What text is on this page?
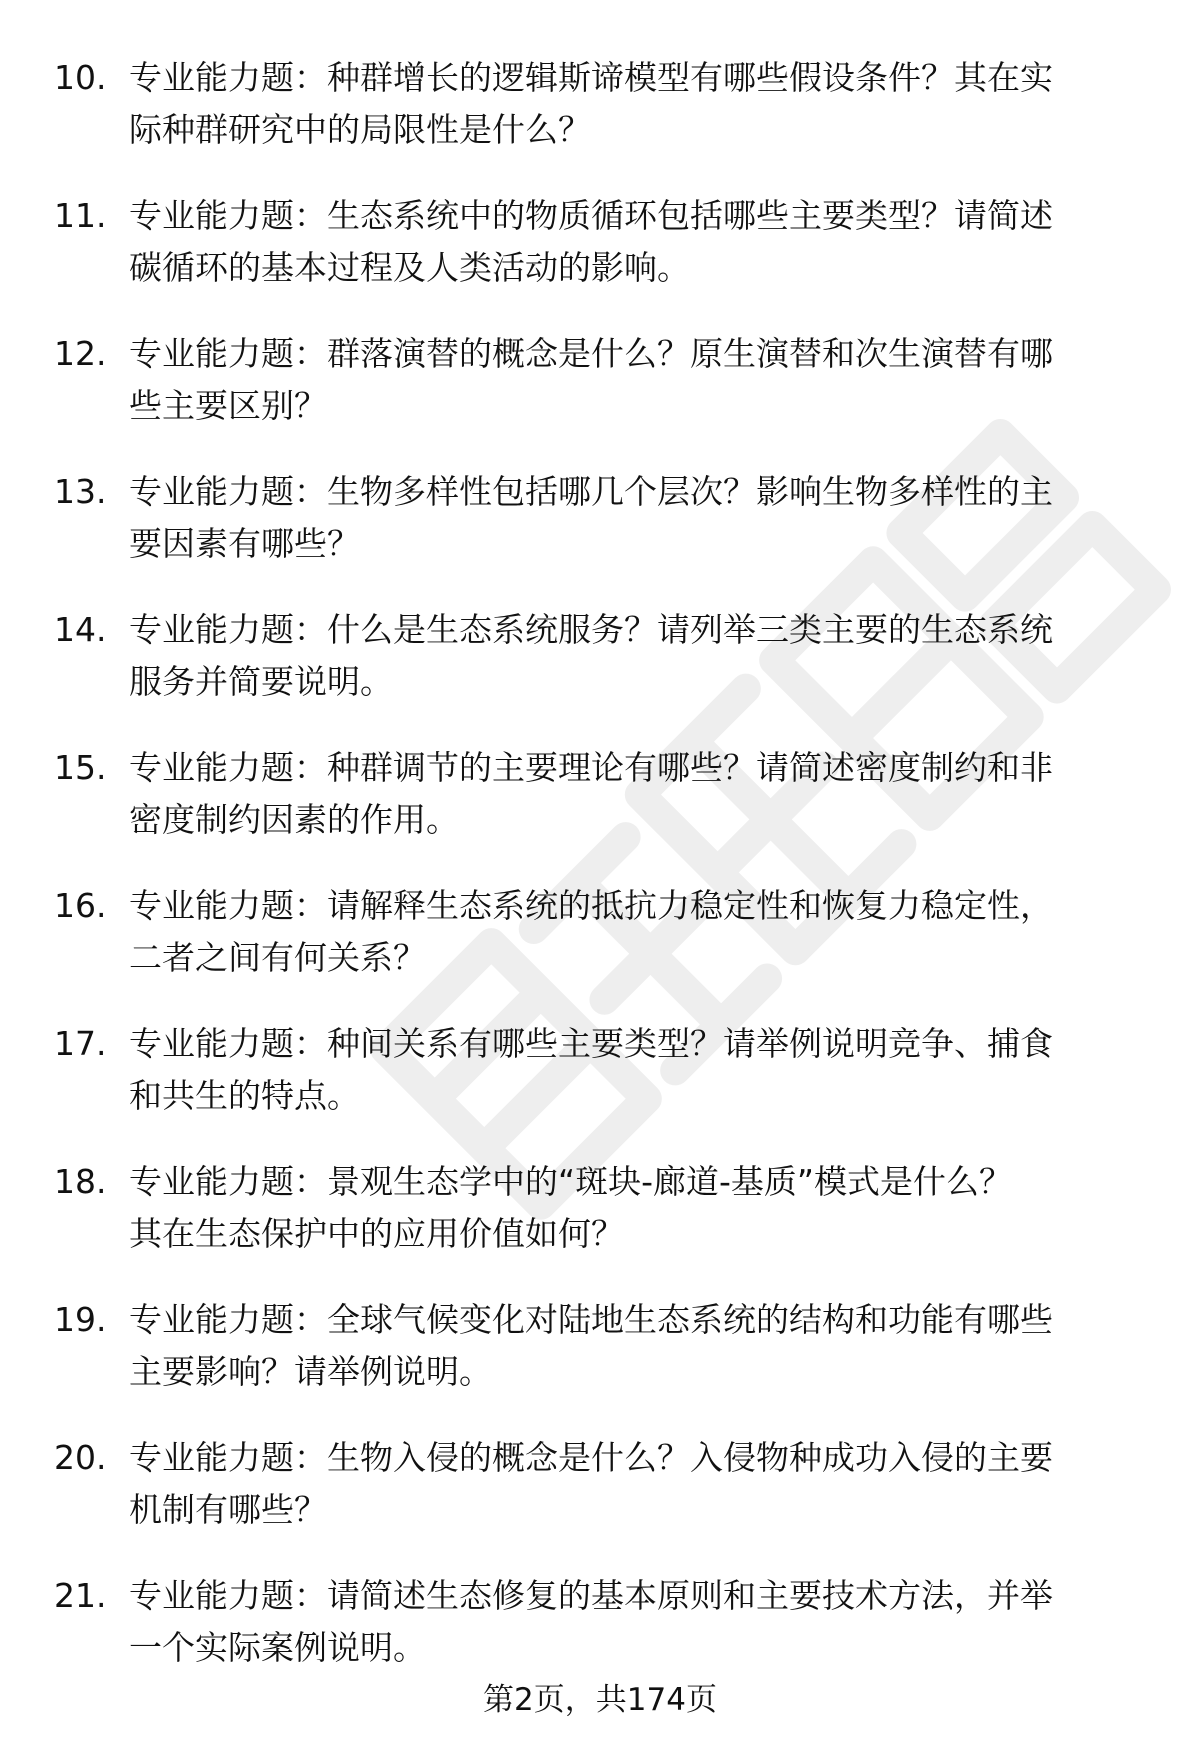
10. 专业能力题：种群增长的逻辑斯谛模型有哪些假设条件？其在实
际种群研究中的局限性是什么？
11. 专业能力题：生态系统中的物质循环包括哪些主要类型？请简述
碳循环的基本过程及人类活动的影响。
12. 专业能力题：群落演替的概念是什么？原生演替和次生演替有哪
些主要区别？
13. 专业能力题：生物多样性包括哪几个层次？影响生物多样性的主
要因素有哪些？
14. 专业能力题：什么是生态系统服务？请列举三类主要的生态系统
服务并简要说明。
15. 专业能力题：种群调节的主要理论有哪些？请简述密度制约和非
密度制约因素的作用。
16. 专业能力题：请解释生态系统的抵抗力稳定性和恢复力稳定性，
二者之间有何关系？
17. 专业能力题：种间关系有哪些主要类型？请举例说明竞争、捕食
和共生的特点。
18. 专业能力题：景观生态学中的“斑块-廊道-基质”模式是什么？
其在生态保护中的应用价值如何？
19. 专业能力题：全球气候变化对陆地生态系统的结构和功能有哪些
主要影响？请举例说明。
20. 专业能力题：生物入侵的概念是什么？入侵物种成功入侵的主要
机制有哪些？
21. 专业能力题：请简述生态修复的基本原则和主要技术方法，并举
一个实际案例说明。
第2页，共174页
